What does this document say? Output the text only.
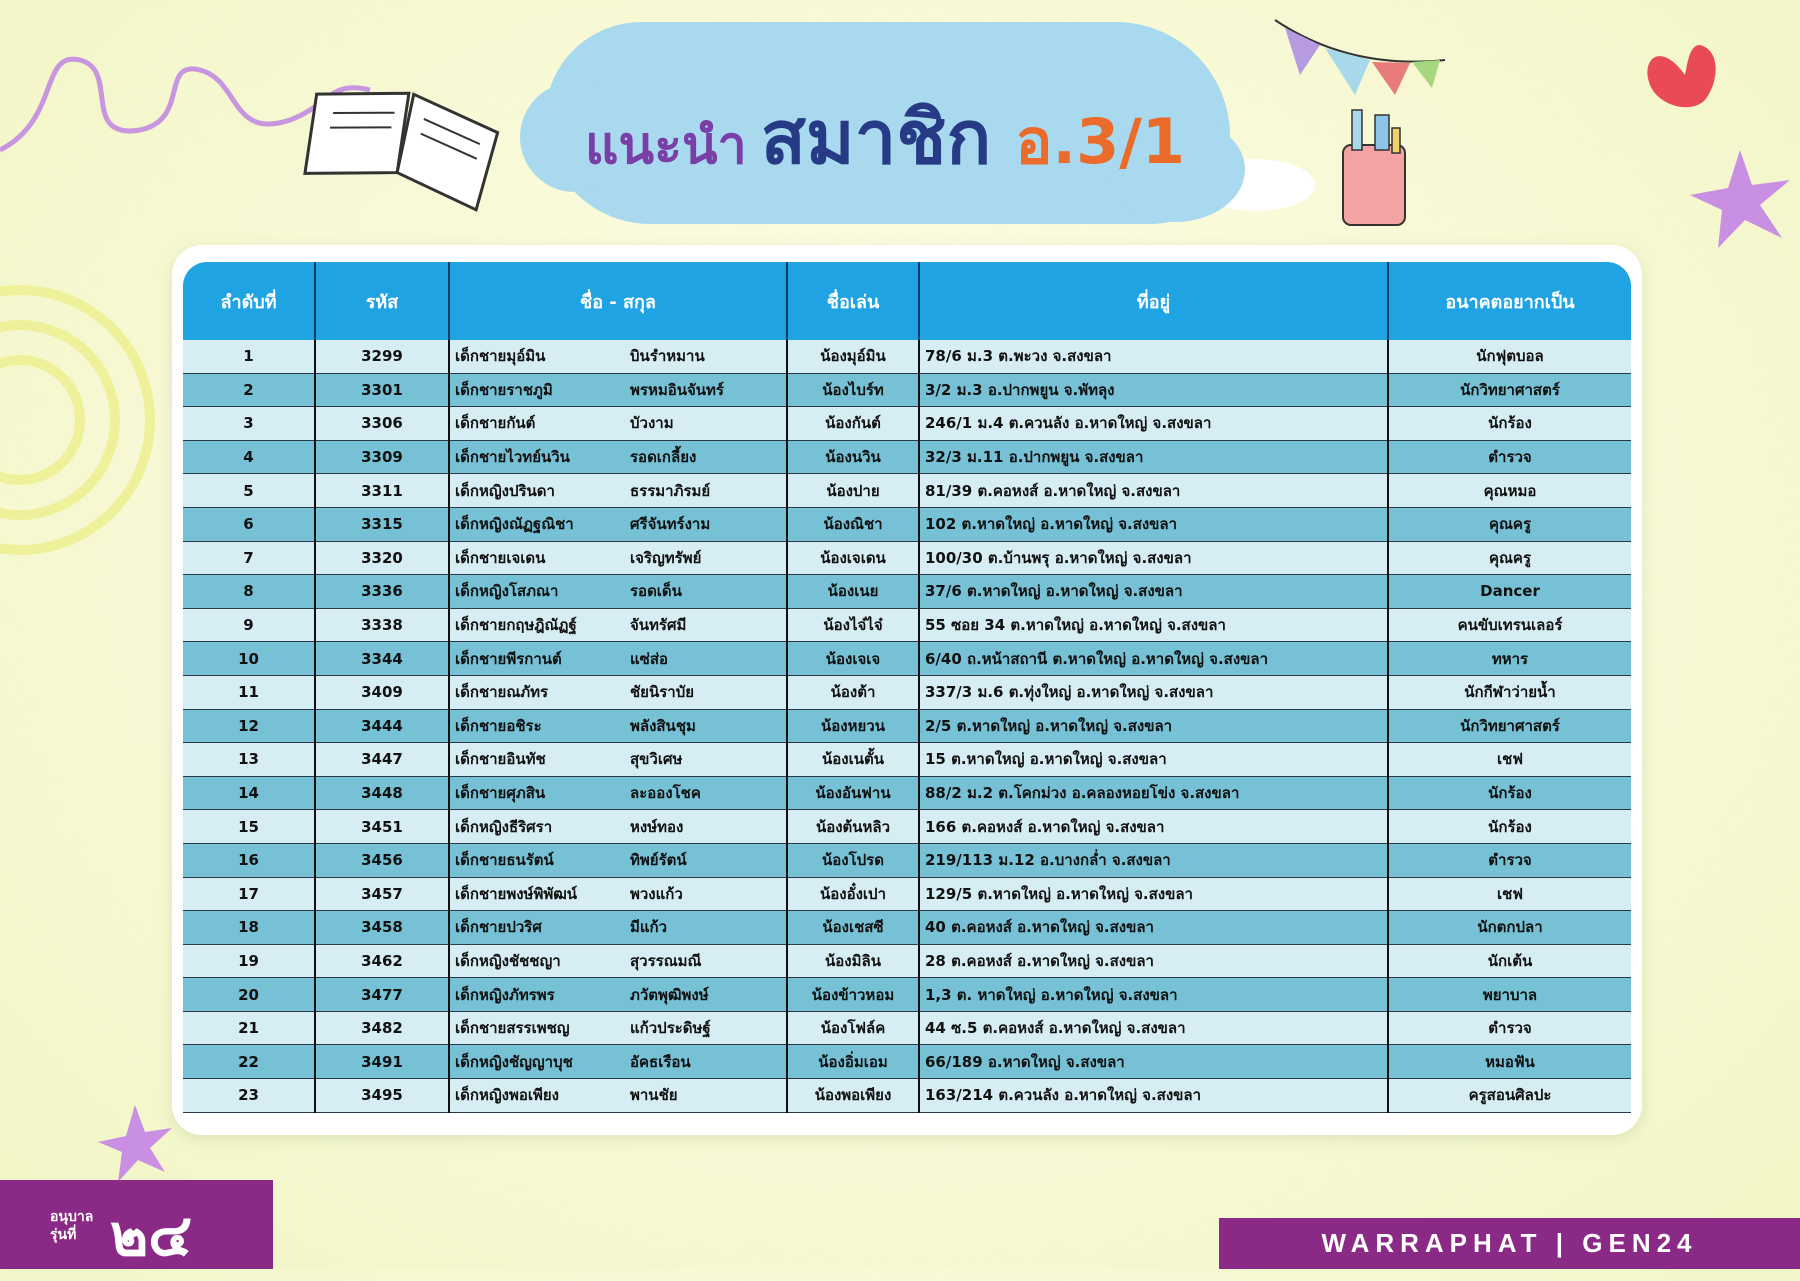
แนะนำ สมาชิก อ.3/1
ลำดับที่	รหัส	ชื่อ - สกุล	ชื่อเล่น	ที่อยู่	อนาคตอยากเป็น
1	3299	เด็กชายมุอ์มิน บินรำหมาน	น้องมุอ์มิน	78/6 ม.3 ต.พะวง จ.สงขลา	นักฟุตบอล
2	3301	เด็กชายราชภูมิ พรหมอินจันทร์	น้องไบร์ท	3/2 ม.3 อ.ปากพยูน จ.พัทลุง	นักวิทยาศาสตร์
3	3306	เด็กชายกันต์ บัวงาม	น้องกันต์	246/1 ม.4 ต.ควนลัง อ.หาดใหญ่ จ.สงขลา	นักร้อง
4	3309	เด็กชายไวทย์นวิน รอดเกลี้ยง	น้องนวิน	32/3 ม.11 อ.ปากพยูน จ.สงขลา	ตำรวจ
5	3311	เด็กหญิงปรินดา ธรรมาภิรมย์	น้องปาย	81/39 ต.คอหงส์ อ.หาดใหญ่ จ.สงขลา	คุณหมอ
6	3315	เด็กหญิงณัฏฐณิชา ศรีจันทร์งาม	น้องณิชา	102 ต.หาดใหญ่ อ.หาดใหญ่ จ.สงขลา	คุณครู
7	3320	เด็กชายเจเดน เจริญทรัพย์	น้องเจเดน	100/30 ต.บ้านพรุ อ.หาดใหญ่ จ.สงขลา	คุณครู
8	3336	เด็กหญิงโสภณา รอดเด็น	น้องเนย	37/6 ต.หาดใหญ่ อ.หาดใหญ่ จ.สงขลา	Dancer
9	3338	เด็กชายกฤษฎิณัฏฐ์ จันทรัศมี	น้องไจ๋ไจ๋	55 ซอย 34 ต.หาดใหญ่ อ.หาดใหญ่ จ.สงขลา	คนขับเทรนเลอร์
10	3344	เด็กชายพีรกานต์ แซ่ส่อ	น้องเจเจ	6/40 ถ.หน้าสถานี ต.หาดใหญ่ อ.หาดใหญ่ จ.สงขลา	ทหาร
11	3409	เด็กชายณภัทร ชัยนิราบัย	น้องต้า	337/3 ม.6 ต.ทุ่งใหญ่ อ.หาดใหญ่ จ.สงขลา	นักกีฬาว่ายน้ำ
12	3444	เด็กชายอชิระ พลังสินชุม	น้องหยวน	2/5 ต.หาดใหญ่ อ.หาดใหญ่ จ.สงขลา	นักวิทยาศาสตร์
13	3447	เด็กชายอินทัช สุขวิเศษ	น้องเนตั้น	15 ต.หาดใหญ่ อ.หาดใหญ่ จ.สงขลา	เชฟ
14	3448	เด็กชายศุภสิน ละอองโชค	น้องอันฟาน	88/2 ม.2 ต.โคกม่วง อ.คลองหอยโข่ง จ.สงขลา	นักร้อง
15	3451	เด็กหญิงธีริศรา หงษ์ทอง	น้องต้นหลิว	166 ต.คอหงส์ อ.หาดใหญ่ จ.สงขลา	นักร้อง
16	3456	เด็กชายธนรัตน์ ทิพย์รัตน์	น้องโปรด	219/113 ม.12 อ.บางกล่ำ จ.สงขลา	ตำรวจ
17	3457	เด็กชายพงษ์พิพัฒน์ พวงแก้ว	น้องอั๋งเปา	129/5 ต.หาดใหญ่ อ.หาดใหญ่ จ.สงขลา	เชฟ
18	3458	เด็กชายปวริศ มีแก้ว	น้องเชสซี	40 ต.คอหงส์ อ.หาดใหญ่ จ.สงขลา	นักตกปลา
19	3462	เด็กหญิงชัชชญา สุวรรณมณี	น้องมิลิน	28 ต.คอหงส์ อ.หาดใหญ่ จ.สงขลา	นักเต้น
20	3477	เด็กหญิงภัทรพร ภวัตพุฒิพงษ์	น้องข้าวหอม	1,3 ต. หาดใหญ่ อ.หาดใหญ่ จ.สงขลา	พยาบาล
21	3482	เด็กชายสรรเพชญ แก้วประดิษฐ์	น้องโฟล์ค	44 ซ.5 ต.คอหงส์ อ.หาดใหญ่ จ.สงขลา	ตำรวจ
22	3491	เด็กหญิงชัญญาบุช อัคธเรือน	น้องอิ่มเอม	66/189 อ.หาดใหญ่ จ.สงขลา	หมอฟัน
23	3495	เด็กหญิงพอเพียง พานชัย	น้องพอเพียง	163/214 ต.ควนลัง อ.หาดใหญ่ จ.สงขลา	ครูสอนศิลปะ
อนุบาล
รุ่นที่ ๒๔	WARRAPHAT | GEN24
